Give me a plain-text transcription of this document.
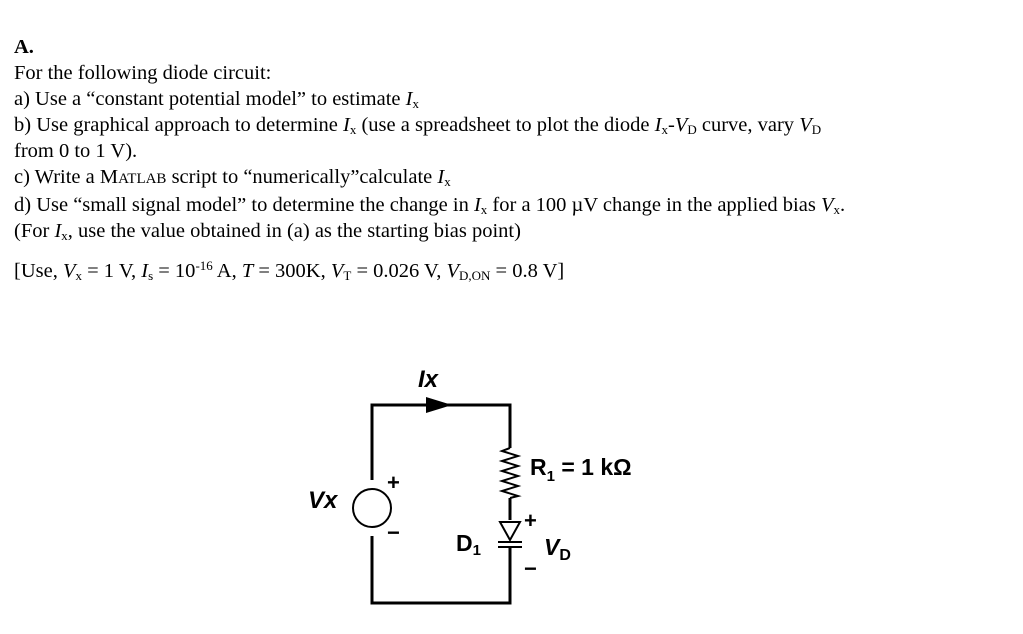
A.
For the following diode circuit:
a) Use a “constant potential model” to estimate $I_x$
b) Use graphical approach to determine $I_x$ (use a spreadsheet to plot the diode $I_x-V_D$ curve, vary $V_D$
from 0 to 1 V).
c) Write a MATLAB script to “numerically”calculate $I_x$
d) Use “small signal model” to determine the change in $I_x$ for a 100 µV change in the applied bias $V_x$.
(For $I_x$, use the value obtained in (a) as the starting bias point)
[Use, $V_x = 1$ V, $I_s = 10^{-16}$ A, T = 300K, $V_T = 0.026$ V, $V_{D,ON} = 0.8$ V]
Ix
Vx
+
−
$R_1 = 1$ kΩ
D1
+
$V_D$
−
